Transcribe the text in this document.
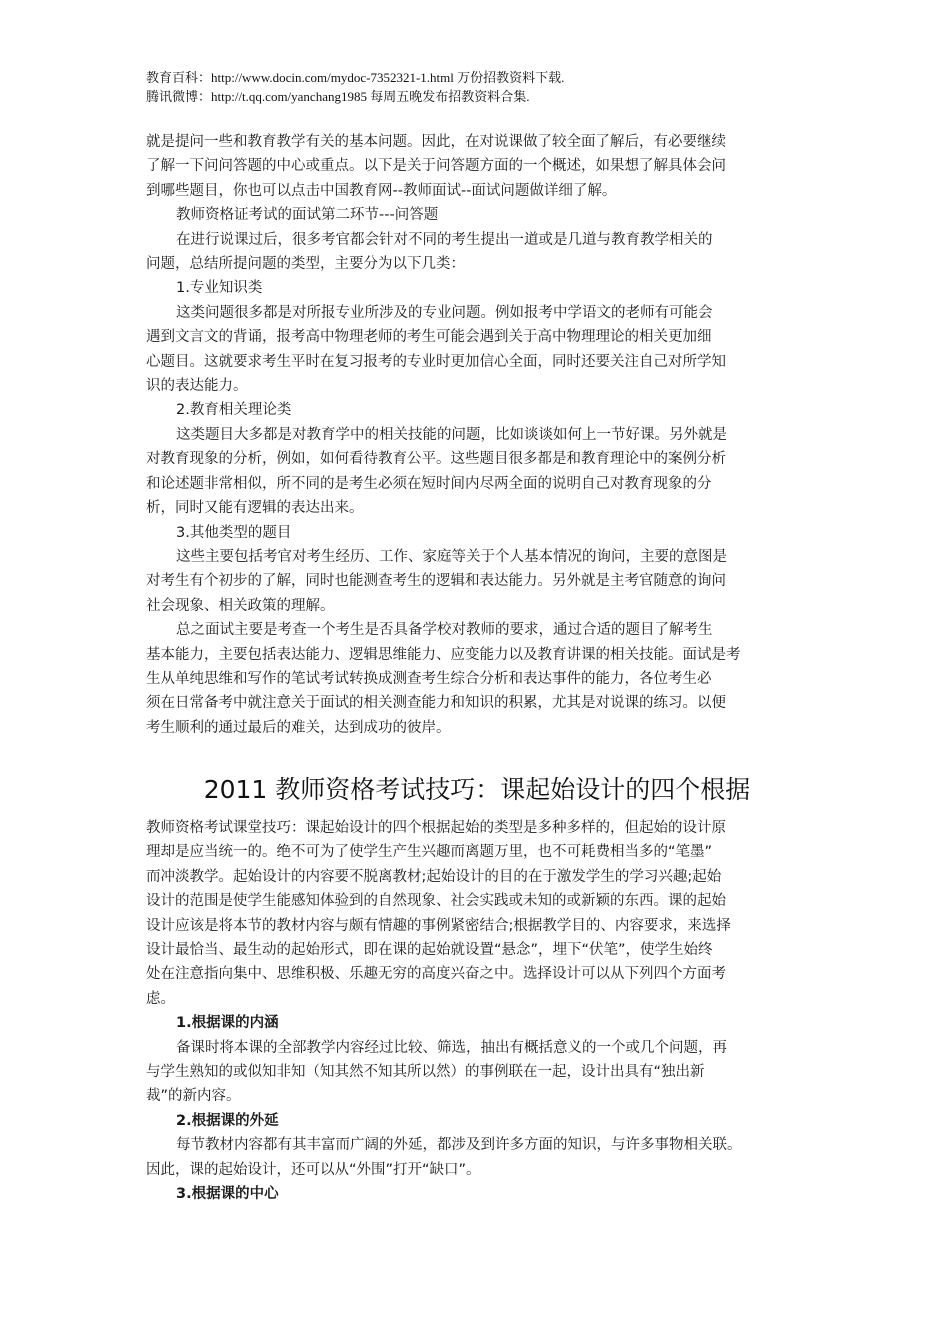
教育百科：http://www.docin.com/mydoc-7352321-1.html 万份招教资料下载.
腾讯微博：http://t.qq.com/yanchang1985 每周五晚发布招教资料合集.
就是提问一些和教育教学有关的基本问题。因此，在对说课做了较全面了解后，有必要继续
了解一下问问答题的中心或重点。以下是关于问答题方面的一个概述，如果想了解具体会问
到哪些题目，你也可以点击中国教育网--教师面试--面试问题做详细了解。
教师资格证考试的面试第二环节---问答题
在进行说课过后，很多考官都会针对不同的考生提出一道或是几道与教育教学相关的
问题，总结所提问题的类型，主要分为以下几类：
1.专业知识类
这类问题很多都是对所报专业所涉及的专业问题。例如报考中学语文的老师有可能会
遇到文言文的背诵，报考高中物理老师的考生可能会遇到关于高中物理理论的相关更加细
心题目。这就要求考生平时在复习报考的专业时更加信心全面，同时还要关注自己对所学知
识的表达能力。
2.教育相关理论类
这类题目大多都是对教育学中的相关技能的问题，比如谈谈如何上一节好课。另外就是
对教育现象的分析，例如，如何看待教育公平。这些题目很多都是和教育理论中的案例分析
和论述题非常相似，所不同的是考生必须在短时间内尽两全面的说明自己对教育现象的分
析，同时又能有逻辑的表达出来。
3.其他类型的题目
这些主要包括考官对考生经历、工作、家庭等关于个人基本情况的询问，主要的意图是
对考生有个初步的了解，同时也能测查考生的逻辑和表达能力。另外就是主考官随意的询问
社会现象、相关政策的理解。
总之面试主要是考查一个考生是否具备学校对教师的要求，通过合适的题目了解考生
基本能力，主要包括表达能力、逻辑思维能力、应变能力以及教育讲课的相关技能。面试是考
生从单纯思维和写作的笔试考试转换成测查考生综合分析和表达事件的能力，各位考生必
须在日常备考中就注意关于面试的相关测查能力和知识的积累，尤其是对说课的练习。以便
考生顺利的通过最后的难关，达到成功的彼岸。
2011 教师资格考试技巧：课起始设计的四个根据
教师资格考试课堂技巧：课起始设计的四个根据起始的类型是多种多样的，但起始的设计原
理却是应当统一的。绝不可为了使学生产生兴趣而离题万里，也不可耗费相当多的“笔墨”
而冲淡教学。起始设计的内容要不脱离教材;起始设计的目的在于激发学生的学习兴趣;起始
设计的范围是使学生能感知体验到的自然现象、社会实践或未知的或新颖的东西。课的起始
设计应该是将本节的教材内容与颇有情趣的事例紧密结合;根据教学目的、内容要求，来选择
设计最恰当、最生动的起始形式，即在课的起始就设置“悬念”，埋下“伏笔”，使学生始终
处在注意指向集中、思维积极、乐趣无穷的高度兴奋之中。选择设计可以从下列四个方面考
虑。
1.根据课的内涵
备课时将本课的全部教学内容经过比较、筛选，抽出有概括意义的一个或几个问题，再
与学生熟知的或似知非知（知其然不知其所以然）的事例联在一起，设计出具有“独出新
裁”的新内容。
2.根据课的外延
每节教材内容都有其丰富而广阔的外延，都涉及到许多方面的知识，与许多事物相关联。
因此，课的起始设计，还可以从“外围”打开“缺口”。
3.根据课的中心
